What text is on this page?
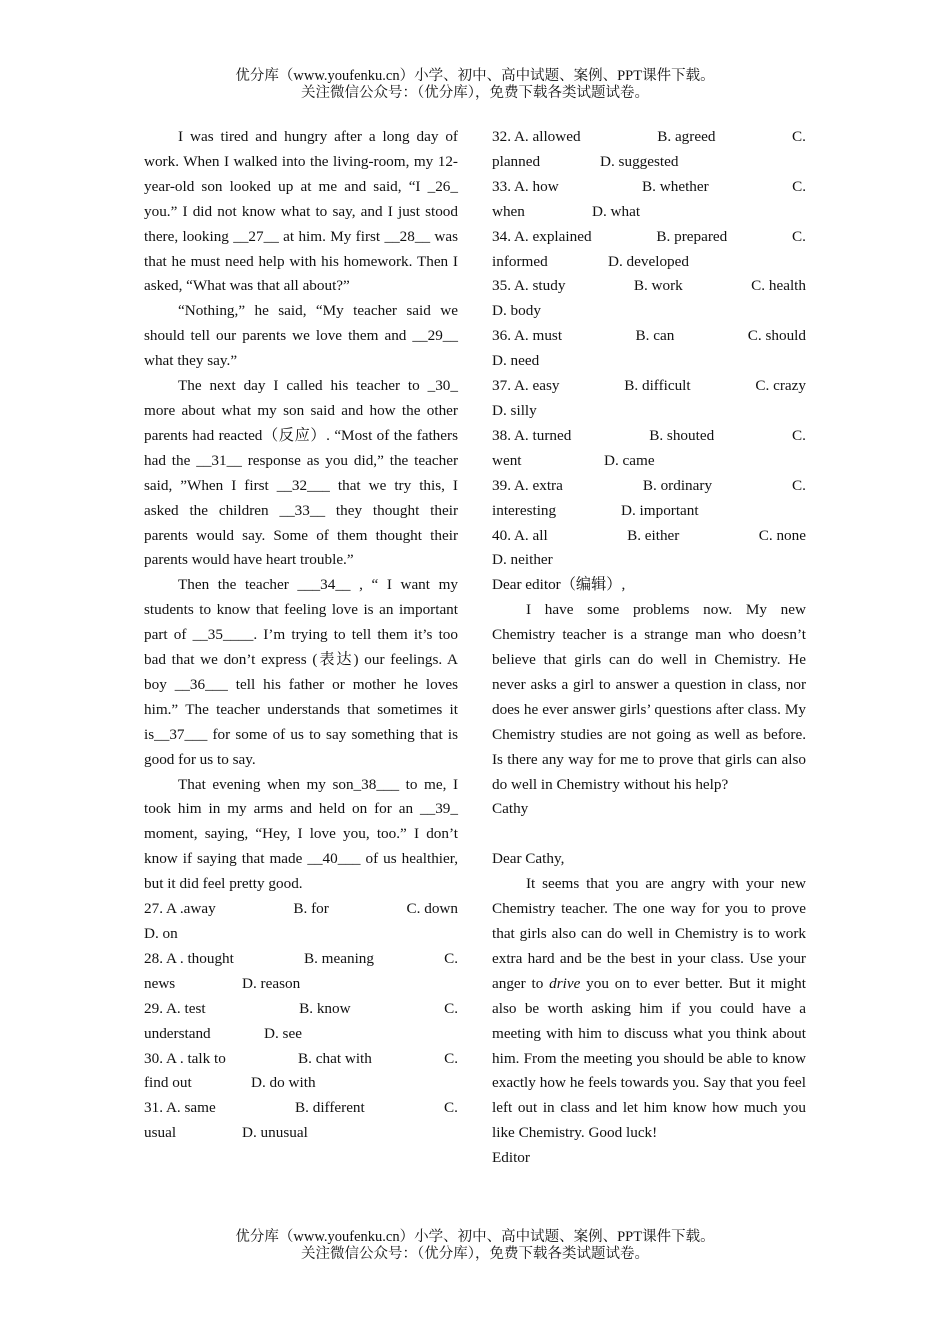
优分库（www.youfenku.cn）小学、初中、高中试题、案例、PPT课件下载。
关注微信公众号：（优分库），免费下载各类试题试卷。

I was tired and hungry after a long day of work. When I walked into the living-room, my 12-year-old son looked up at me and said, “I _26_ you.” I did not know what to say, and I just stood there, looking __27__ at him. My first __28__ was that he must need help with his homework. Then I asked, “What was that all about?”

“Nothing,” he said, “My teacher said we should tell our parents we love them and __29__ what they say.”

The next day I called his teacher to _30_ more about what my son said and how the other parents had reacted（反应）. “Most of the fathers had the __31__ response as you did,” the teacher said, ”When I first __32___ that we try this, I asked the children __33__ they thought their parents would say. Some of them thought their parents would have heart trouble.”

Then the teacher ___34__ , “ I want my students to know that feeling love is an important part of __35____. I’m trying to tell them it’s too bad that we don’t express (表达) our feelings. A boy __36___ tell his father or mother he loves him.” The teacher understands that sometimes it is__37___ for some of us to say something that is good for us to say.

That evening when my son_38___ to me, I took him in my arms and held on for an __39_ moment, saying, “Hey, I love you, too.” I don’t know if saying that made __40___ of us healthier, but it did feel pretty good.

27. A .away	B. for	C. down
D. on
28. A . thought	B. meaning	C.
news	D. reason
29. A. test	B. know	C.
understand	D. see
30. A . talk to	B. chat with	C.
find out	D. do with
31. A. same	B. different	C.
usual	D. unusual
32. A. allowed	B. agreed	C.
planned	D. suggested
33. A. how	B. whether	C.
when	D. what
34. A. explained	B. prepared	C.
informed	D. developed
35. A. study	B. work	C. health
D. body
36. A. must	B. can	C. should
D. need
37. A. easy	B. difficult	C. crazy
D. silly
38. A. turned	B. shouted	C.
went	D. came
39. A. extra	B. ordinary	C.
interesting	D. important
40. A. all	B. either	C. none
D. neither

Dear editor（编辑）,

I have some problems now. My new Chemistry teacher is a strange man who doesn’t believe that girls can do well in Chemistry. He never asks a girl to answer a question in class, nor does he ever answer girls’ questions after class. My Chemistry studies are not going as well as before. Is there any way for me to prove that girls can also do well in Chemistry without his help?

Cathy

Dear Cathy,

It seems that you are angry with your new Chemistry teacher. The one way for you to prove that girls also can do well in Chemistry is to work extra hard and be the best in your class. Use your anger to drive you on to ever better. But it might also be worth asking him if you could have a meeting with him to discuss what you think about him. From the meeting you should be able to know exactly how he feels towards you. Say that you feel left out in class and let him know how much you like Chemistry. Good luck!

Editor

优分库（www.youfenku.cn）小学、初中、高中试题、案例、PPT课件下载。
关注微信公众号：（优分库），免费下载各类试题试卷。
